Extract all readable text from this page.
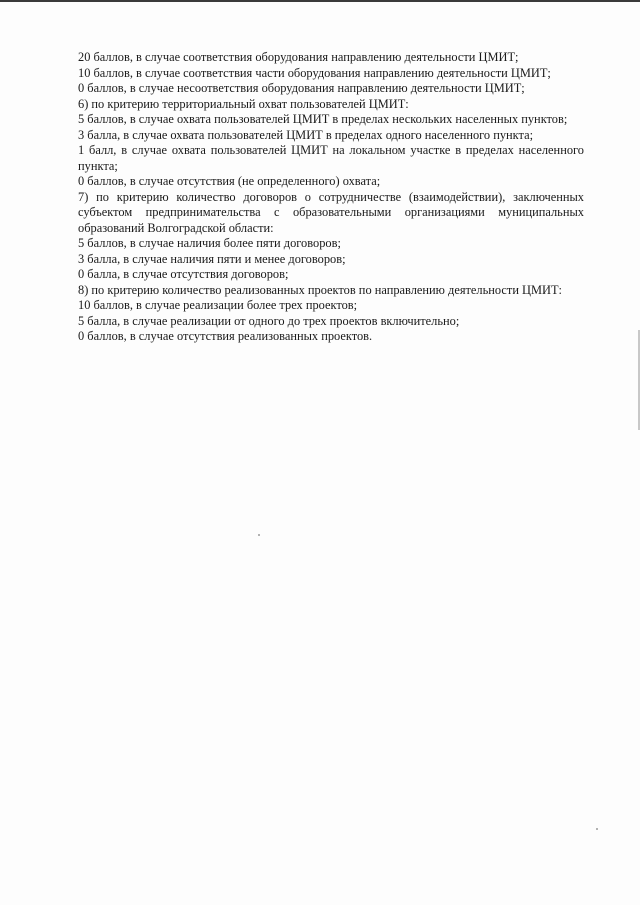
20 баллов, в случае соответствия оборудования направлению деятельности ЦМИТ;

10 баллов, в случае соответствия части оборудования направлению деятельности ЦМИТ;

0 баллов, в случае несоответствия оборудования направлению деятельности ЦМИТ;

6) по критерию территориальный охват пользователей ЦМИТ:

5 баллов, в случае охвата пользователей ЦМИТ в пределах нескольких населенных пунктов;

3 балла, в случае охвата пользователей ЦМИТ в пределах одного населенного пункта;

1 балл, в случае охвата пользователей ЦМИТ на локальном участке в пределах населенного пункта;

0 баллов, в случае отсутствия (не определенного) охвата;

7) по критерию количество договоров о сотрудничестве (взаимодействии), заключенных субъектом предпринимательства с образовательными организациями муниципальных образований Волгоградской области:

5 баллов, в случае наличия более пяти договоров;

3 балла, в случае наличия пяти и менее договоров;

0 балла, в случае отсутствия договоров;

8) по критерию количество реализованных проектов по направлению деятельности ЦМИТ:

10 баллов, в случае реализации более трех проектов;

5 балла, в случае реализации от одного до трех проектов включительно;

0 баллов, в случае отсутствия реализованных проектов.
